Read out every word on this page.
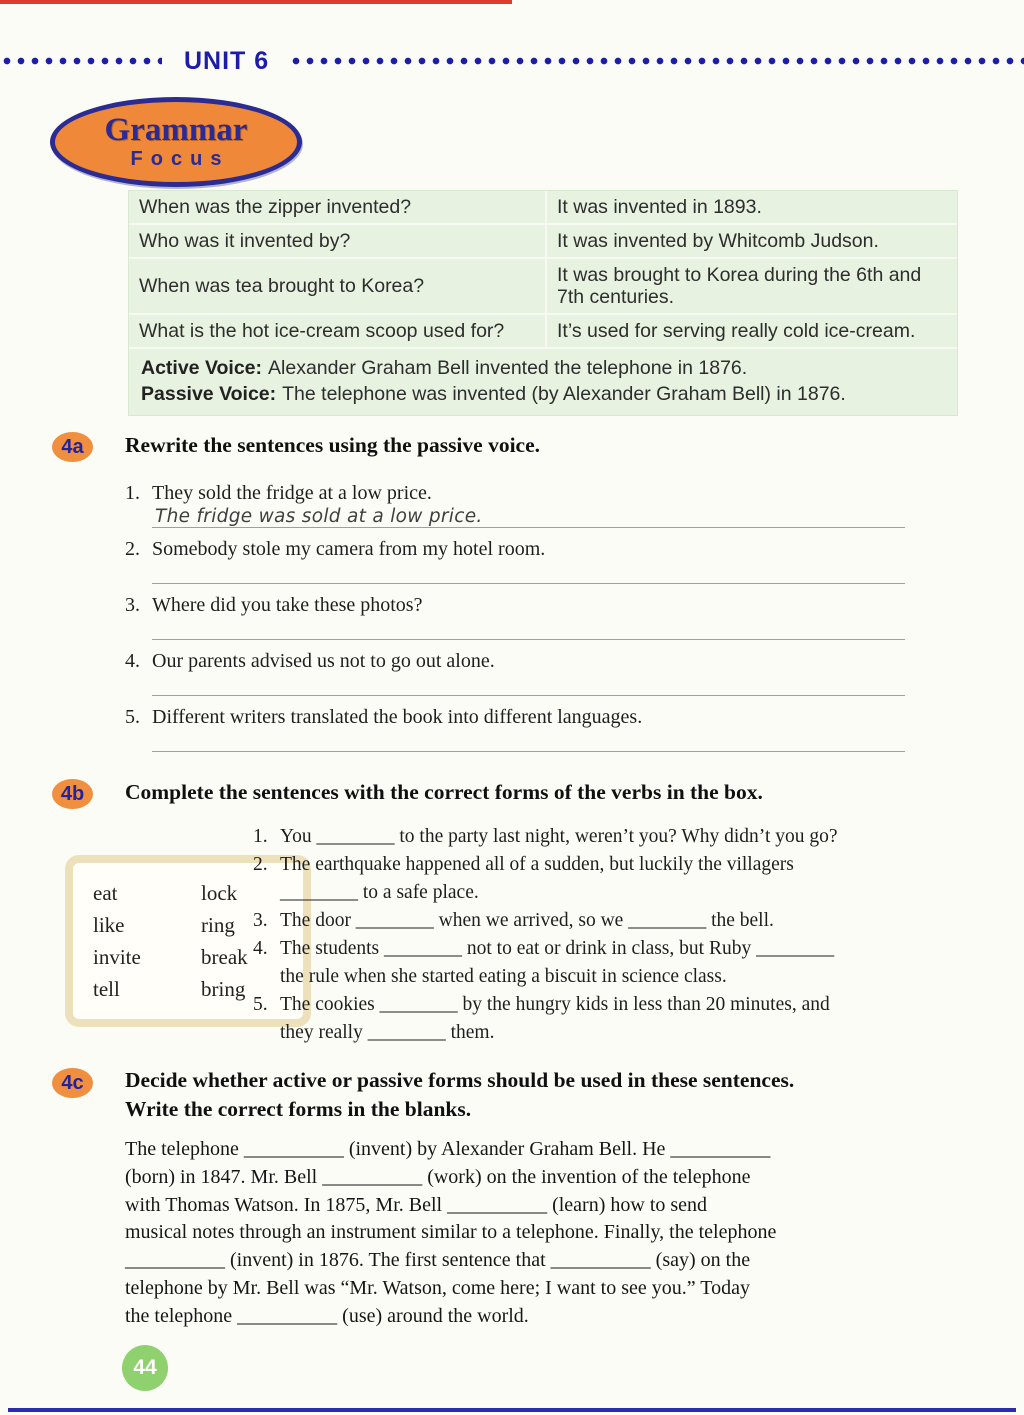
UNIT 6
Grammar
Focus
When was the zipper invented?	It was invented in 1893.
Who was it invented by?	It was invented by Whitcomb Judson.
When was tea brought to Korea?	It was brought to Korea during the 6th and 7th centuries.
What is the hot ice-cream scoop used for?	It’s used for serving really cold ice-cream.
Active Voice: Alexander Graham Bell invented the telephone in 1876.
Passive Voice: The telephone was invented (by Alexander Graham Bell) in 1876.
4a	Rewrite the sentences using the passive voice.
1. They sold the fridge at a low price.
The fridge was sold at a low price.
2. Somebody stole my camera from my hotel room.
3. Where did you take these photos?
4. Our parents advised us not to go out alone.
5. Different writers translated the book into different languages.
4b	Complete the sentences with the correct forms of the verbs in the box.
eat	lock
like	ring
invite	break
tell	bring
1. You ________ to the party last night, weren’t you? Why didn’t you go?
2. The earthquake happened all of a sudden, but luckily the villagers
________ to a safe place.
3. The door ________ when we arrived, so we ________ the bell.
4. The students ________ not to eat or drink in class, but Ruby ________
the rule when she started eating a biscuit in science class.
5. The cookies ________ by the hungry kids in less than 20 minutes, and
they really ________ them.
4c	Decide whether active or passive forms should be used in these sentences.
Write the correct forms in the blanks.
The telephone __________ (invent) by Alexander Graham Bell. He __________
(born) in 1847. Mr. Bell __________ (work) on the invention of the telephone
with Thomas Watson. In 1875, Mr. Bell __________ (learn) how to send
musical notes through an instrument similar to a telephone. Finally, the telephone
__________ (invent) in 1876. The first sentence that __________ (say) on the
telephone by Mr. Bell was “Mr. Watson, come here; I want to see you.” Today
the telephone __________ (use) around the world.
44
